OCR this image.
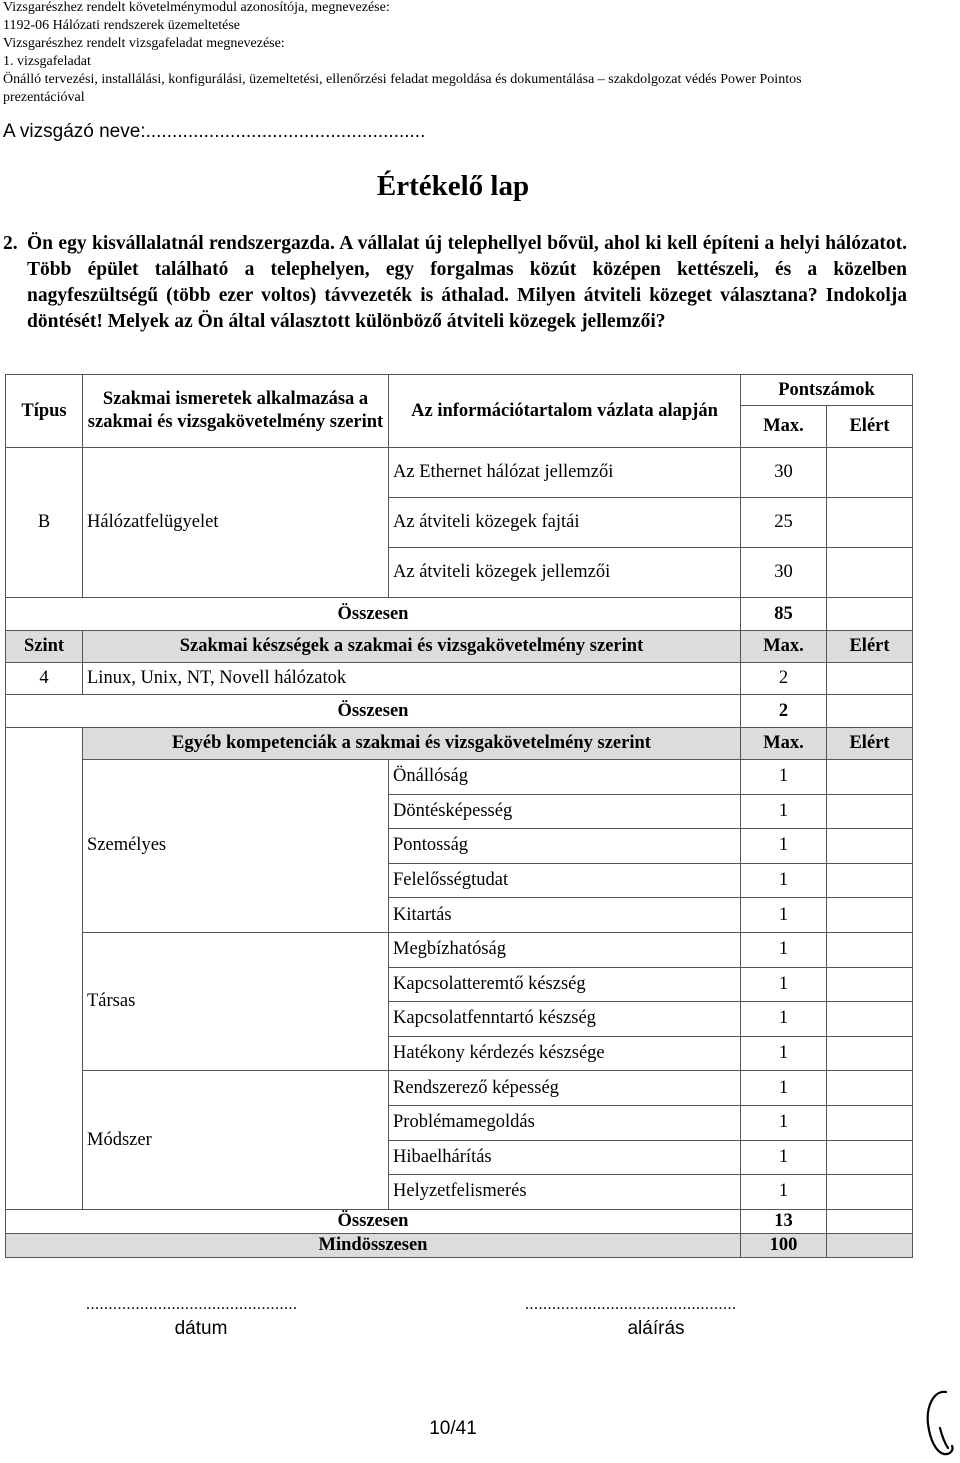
Vizsgarészhez rendelt követelménymodul azonosítója, megnevezése:
1192-06 Hálózati rendszerek üzemeltetése
Vizsgarészhez rendelt vizsgafeladat megnevezése:
1. vizsgafeladat
Önálló tervezési, installálási, konfigurálási, üzemeltetési, ellenőrzési feladat megoldása és dokumentálása – szakdolgozat védés Power Pointos
prezentációval
A vizsgázó neve:.....................................................
Értékelő lap
2. Ön egy kisvállalatnál rendszergazda. A vállalat új telephellyel bővül, ahol ki kell építeni a helyi hálózatot. Több épület található a telephelyen, egy forgalmas közút középen kettészeli, és a közelben nagyfeszültségű (több ezer voltos) távvezeték is áthalad. Milyen átviteli közeget választana? Indokolja döntését! Melyek az Ön által választott különböző átviteli közegek jellemzői?
Típus	Szakmai ismeretek alkalmazása a szakmai és vizsgakövetelmény szerint	Az információtartalom vázlata alapján	Pontszámok	
			Max.	Elért
B	Hálózatfelügyelet	Az Ethernet hálózat jellemzői	30	
		Az átviteli közegek fajtái	25	
		Az átviteli közegek jellemzői	30	
Összesen			85	
Szint	Szakmai készségek a szakmai és vizsgakövetelmény szerint		Max.	Elért
4	Linux, Unix, NT, Novell hálózatok		2	
Összesen			2	
	Egyéb kompetenciák a szakmai és vizsgakövetelmény szerint		Max.	Elért
	Személyes	Önállóság	1	
		Döntésképesség	1	
		Pontosság	1	
		Felelősségtudat	1	
		Kitartás	1	
	Társas	Megbízhatóság	1	
		Kapcsolatteremtő készség	1	
		Kapcsolatfenntartó készség	1	
		Hatékony kérdezés készsége	1	
	Módszer	Rendszerező képesség	1	
		Problémamegoldás	1	
		Hibaelhárítás	1	
		Helyzetfelismerés	1	
Összesen			13	
Mindösszesen			100	
...............................................
dátum
...............................................
aláírás
10/41
